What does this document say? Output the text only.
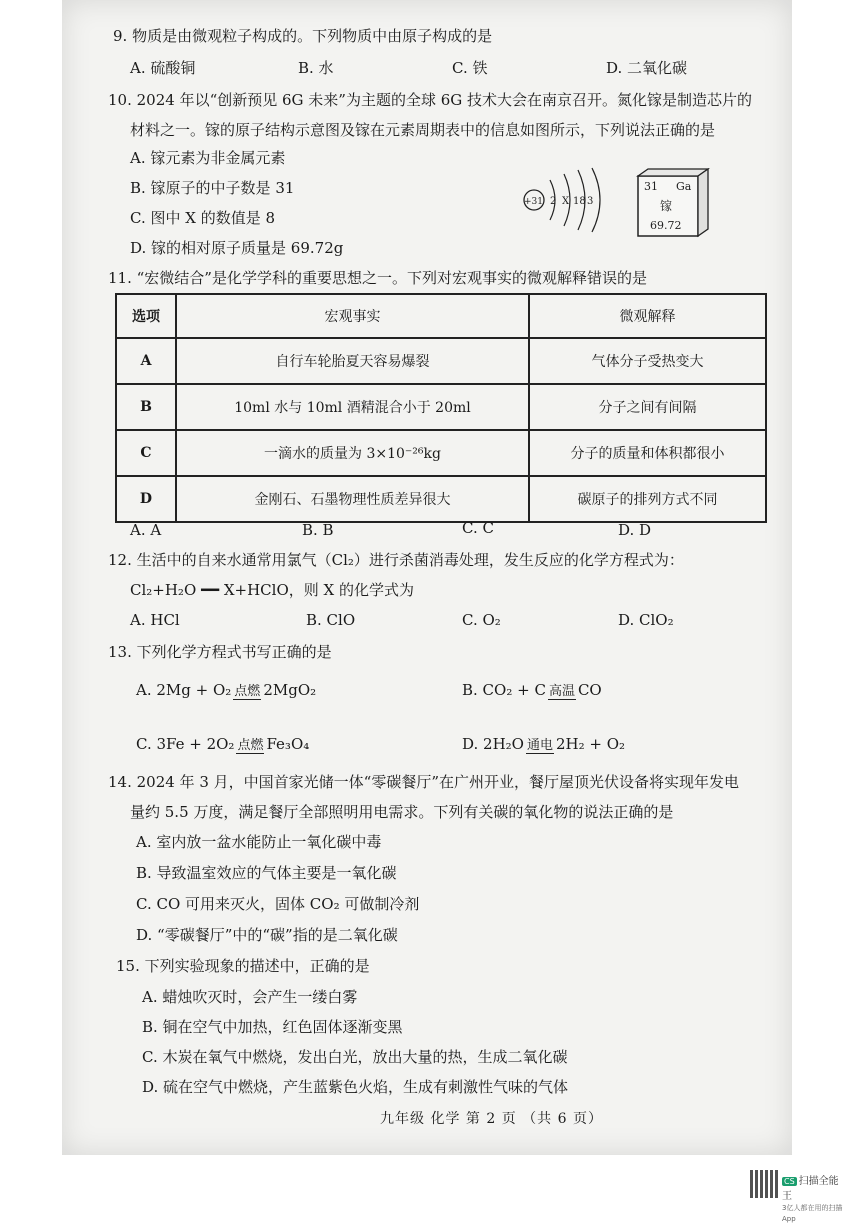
9. 物质是由微观粒子构成的。下列物质中由原子构成的是
A. 硫酸铜	B. 水	C. 铁	D. 二氧化碳
10. 2024 年以“创新预见 6G 未来”为主题的全球 6G 技术大会在南京召开。氮化镓是制造芯片的
材料之一。镓的原子结构示意图及镓在元素周期表中的信息如图所示，下列说法正确的是
A. 镓元素为非金属元素
B. 镓原子的中子数是 31
C. 图中 X 的数值是 8
D. 镓的相对原子质量是 69.72g
+31 2 X 18 3
31 Ga
镓
69.72
11. “宏微结合”是化学学科的重要思想之一。下列对宏观事实的微观解释错误的是
选项	宏观事实	微观解释
A	自行车轮胎夏天容易爆裂	气体分子受热变大
B	10ml 水与 10ml 酒精混合小于 20ml	分子之间有间隔
C	一滴水的质量为 3×10⁻²⁶kg	分子的质量和体积都很小
D	金刚石、石墨物理性质差异很大	碳原子的排列方式不同
A. A	B. B	C. C	D. D
12. 生活中的自来水通常用氯气（Cl₂）进行杀菌消毒处理，发生反应的化学方程式为：
Cl₂+H₂O ━━ X+HClO，则 X 的化学式为
A. HCl	B. ClO	C. O₂	D. ClO₂
13. 下列化学方程式书写正确的是
A. 2Mg + O₂ 点燃 2MgO₂	B. CO₂ + C 高温 CO
C. 3Fe + 2O₂ 点燃 Fe₃O₄	D. 2H₂O 通电 2H₂ + O₂
14. 2024 年 3 月，中国首家光储一体“零碳餐厅”在广州开业，餐厅屋顶光伏设备将实现年发电
量约 5.5 万度，满足餐厅全部照明用电需求。下列有关碳的氧化物的说法正确的是
A. 室内放一盆水能防止一氧化碳中毒
B. 导致温室效应的气体主要是一氧化碳
C. CO 可用来灭火，固体 CO₂ 可做制冷剂
D. “零碳餐厅”中的“碳”指的是二氧化碳
15. 下列实验现象的描述中，正确的是
A. 蜡烛吹灭时，会产生一缕白雾
B. 铜在空气中加热，红色固体逐渐变黑
C. 木炭在氧气中燃烧，发出白光，放出大量的热，生成二氧化碳
D. 硫在空气中燃烧，产生蓝紫色火焰，生成有刺激性气味的气体
九年级 化学 第 2 页 （共 6 页）
CS 扫描全能王
3亿人都在用的扫描App
